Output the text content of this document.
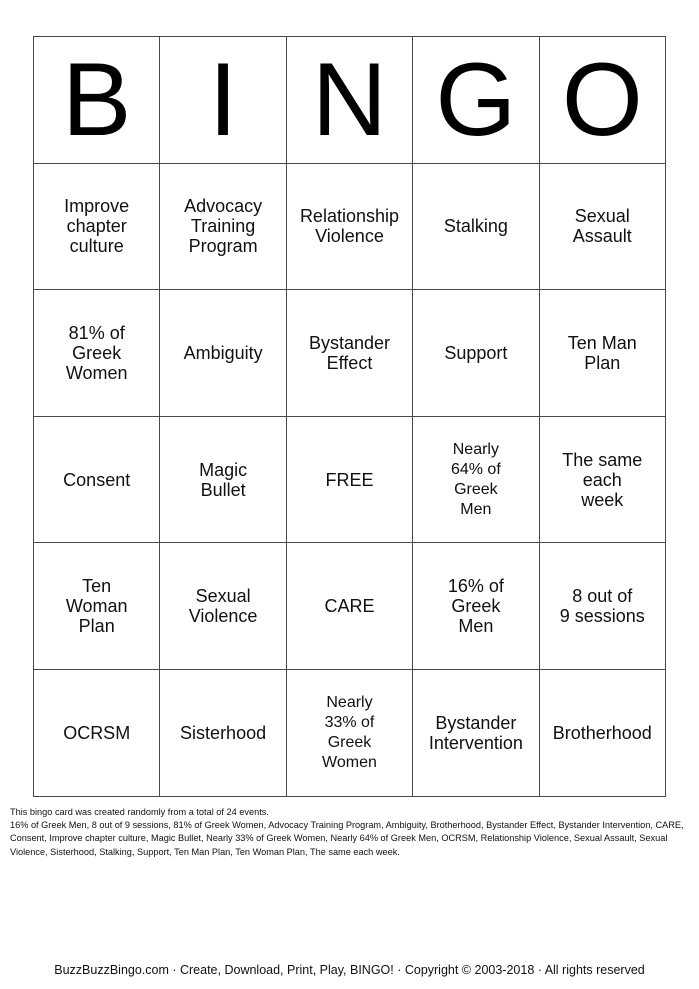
B	I	N	G	O

Improve
chapter
culture	Advocacy
Training
Program	Relationship
Violence	Stalking	Sexual
Assault

81% of
Greek
Women	Ambiguity	Bystander
Effect	Support	Ten Man
Plan

Consent	Magic
Bullet	FREE	Nearly
64% of
Greek
Men	The same
each
week

Ten
Woman
Plan	Sexual
Violence	CARE	16% of
Greek
Men	8 out of
9 sessions

OCRSM	Sisterhood	Nearly
33% of
Greek
Women	Bystander
Intervention	Brotherhood

This bingo card was created randomly from a total of 24 events.

16% of Greek Men, 8 out of 9 sessions, 81% of Greek Women, Advocacy Training Program, Ambiguity, Brotherhood, Bystander Effect, Bystander Intervention, CARE, Consent, Improve chapter culture, Magic Bullet, Nearly 33% of Greek Women, Nearly 64% of Greek Men, OCRSM, Relationship Violence, Sexual Assault, Sexual Violence, Sisterhood, Stalking, Support, Ten Man Plan, Ten Woman Plan, The same each week.

BuzzBuzzBingo.com · Create, Download, Print, Play, BINGO! · Copyright © 2003-2018 · All rights reserved
